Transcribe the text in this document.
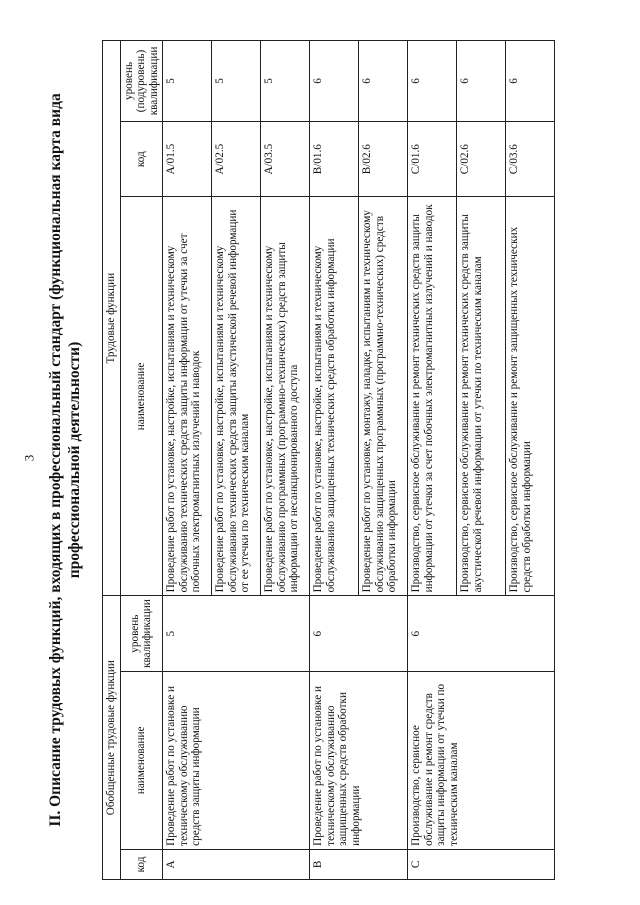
3 II. Описание трудовых функций, входящих в профессиональный стандарт (функциональная карта вида профессиональной деятельности)
Обобщенные трудовые функции			Трудовые функции		
код	наименование	уровень квалификации	наименование	код	уровень (подуровень) квалификации
A	Проведение работ по установке и техническому обслуживанию средств защиты информации	5	Проведение работ по установке, настройке, испытаниям и техническому обслуживанию технических средств защиты информации от утечки за счет побочных электромагнитных излучений и наводок	A/01.5	5
			Проведение работ по установке, настройке, испытаниям и техническому обслуживанию технических средств защиты акустической речевой информации от ее утечки по техническим каналам	A/02.5	5
			Проведение работ по установке, настройке, испытаниям и техническому обслуживанию программных (программно-технических) средств защиты информации от несанкционированного доступа	A/03.5	5
B	Проведение работ по установке и техническому обслуживанию защищенных средств обработки информации	6	Проведение работ по установке, настройке, испытаниям и техническому обслуживанию защищенных технических средств обработки информации	B/01.6	6
			Проведение работ по установке, монтажу, наладке, испытаниям и техническому обслуживанию защищенных программных (программно-технических) средств обработки информации	B/02.6	6
C	Производство, сервисное обслуживание и ремонт средств защиты информации от утечки по техническим каналам	6	Производство, сервисное обслуживание и ремонт технических средств защиты информации от утечки за счет побочных электромагнитных излучений и наводок	C/01.6	6
			Производство, сервисное обслуживание и ремонт технических средств защиты акустической речевой информации от утечки по техническим каналам	C/02.6	6
			Производство, сервисное обслуживание и ремонт защищенных технических средств обработки информации	C/03.6	6
